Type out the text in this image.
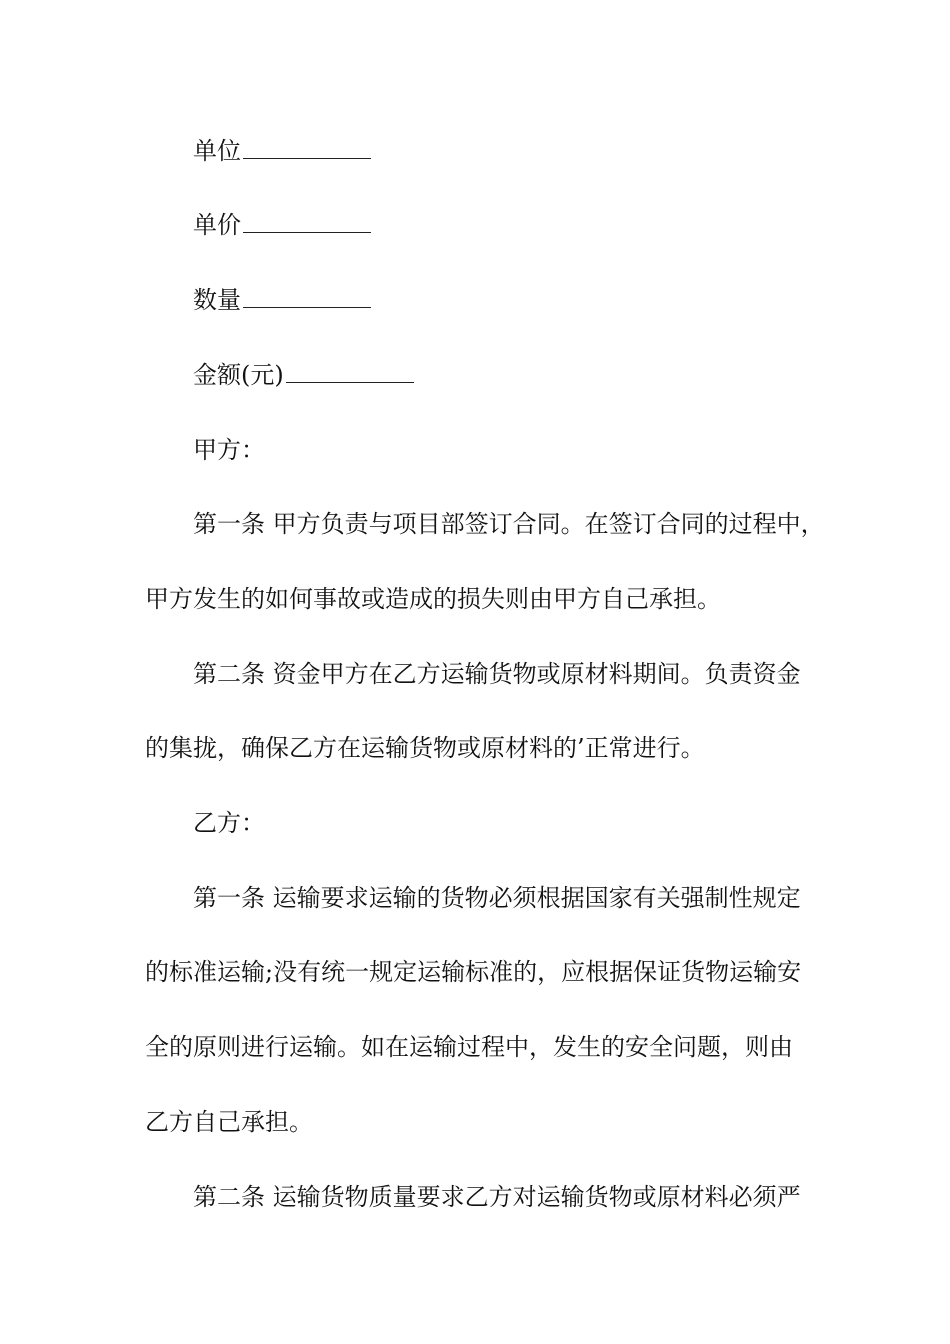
单位
单价
数量
金额(元)
甲方：
第一条 甲方负责与项目部签订合同。在签订合同的过程中，
甲方发生的如何事故或造成的损失则由甲方自己承担。
第二条 资金甲方在乙方运输货物或原材料期间。负责资金
的集拢，确保乙方在运输货物或原材料的’正常进行。
乙方：
第一条 运输要求运输的货物必须根据国家有关强制性规定
的标准运输;没有统一规定运输标准的，应根据保证货物运输安
全的原则进行运输。如在运输过程中，发生的安全问题，则由
乙方自己承担。
第二条 运输货物质量要求乙方对运输货物或原材料必须严
